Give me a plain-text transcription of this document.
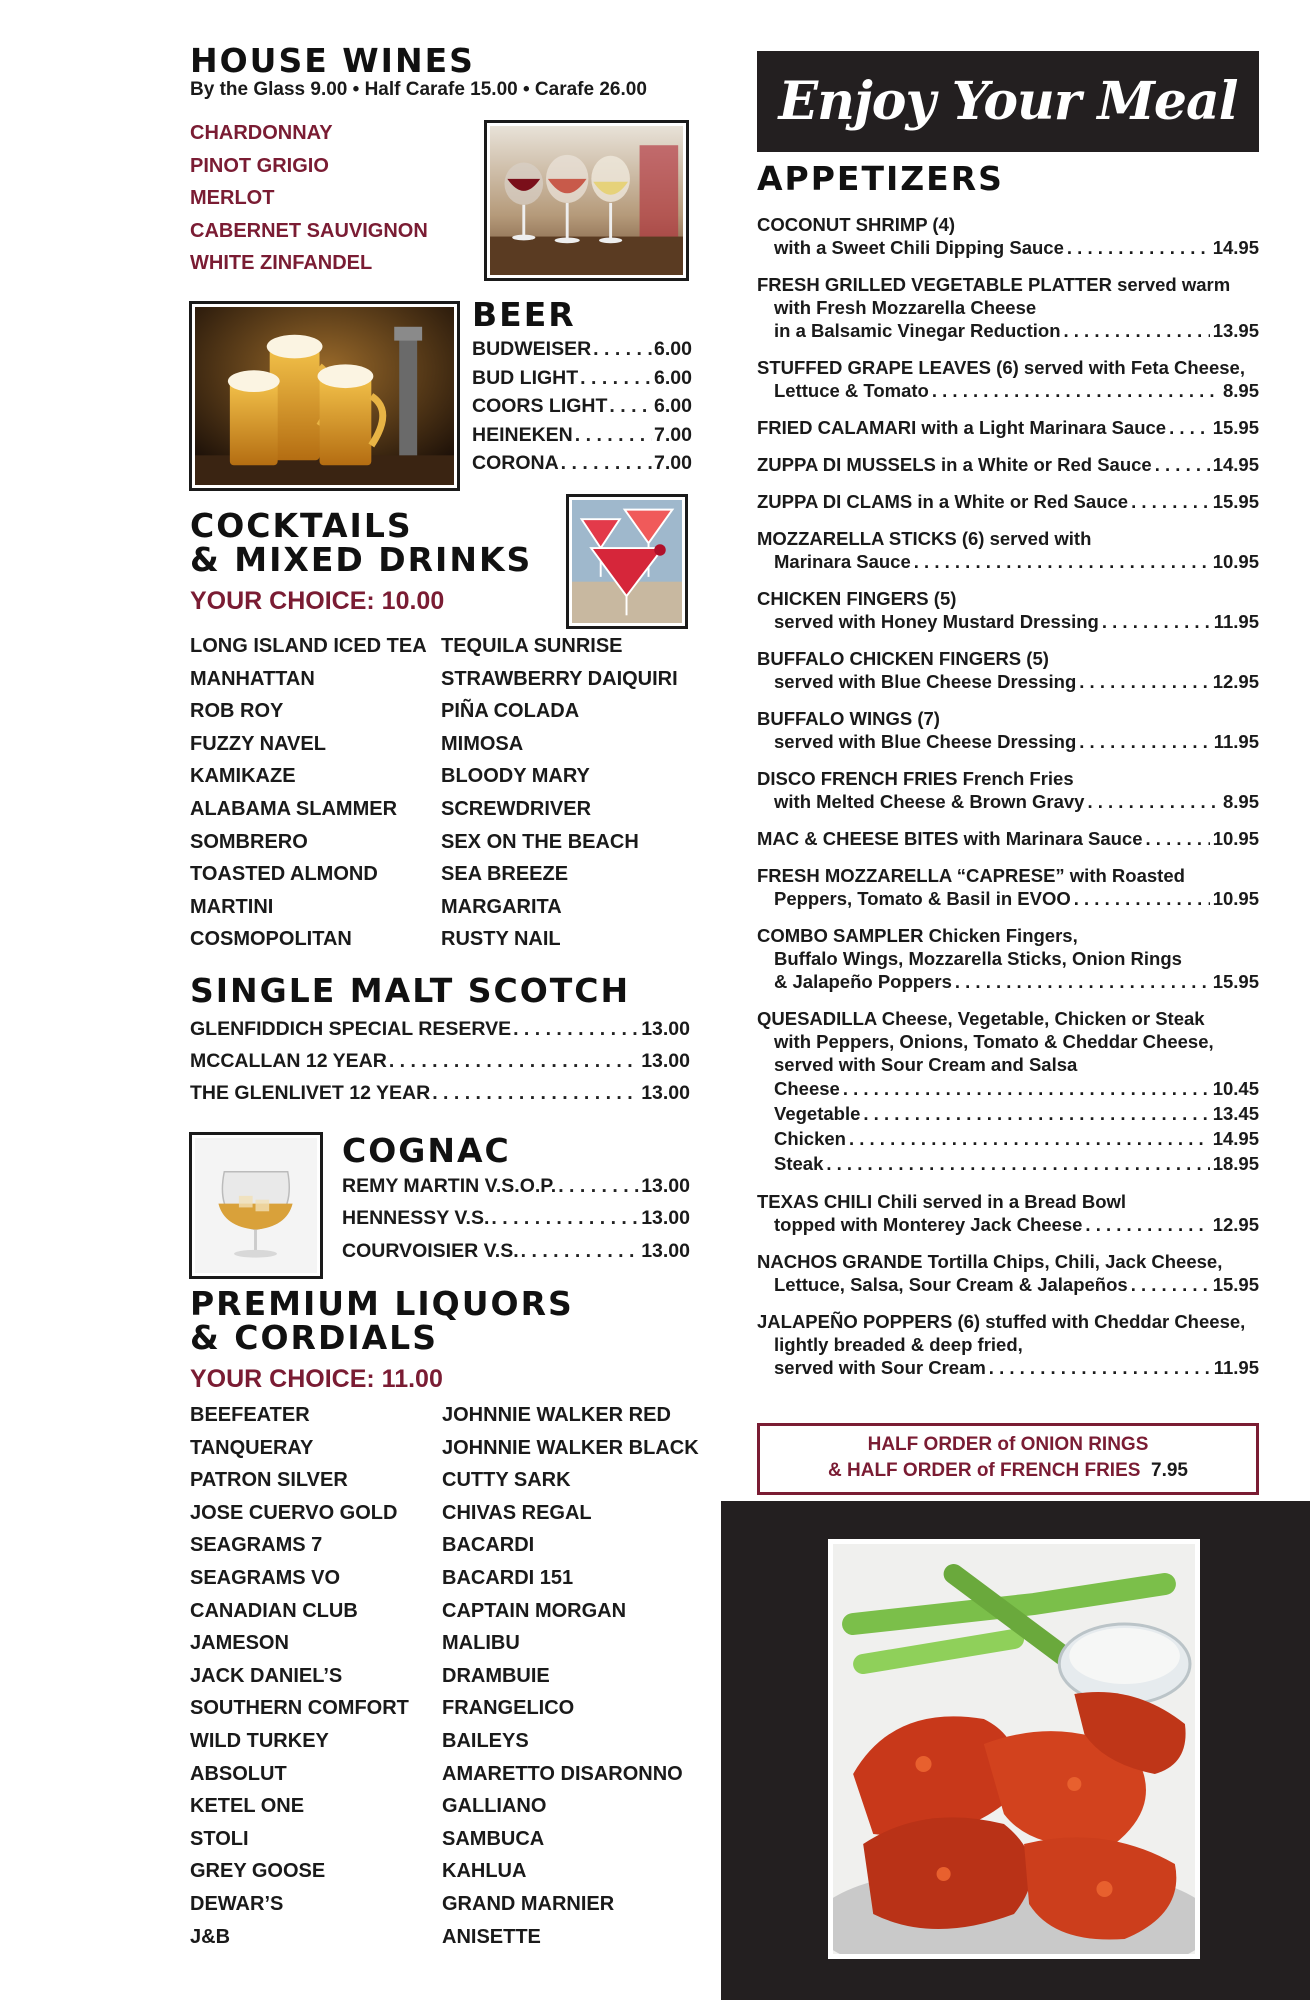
HOUSE WINES
By the Glass 9.00 • Half Carafe 15.00 • Carafe 26.00
CHARDONNAY
PINOT GRIGIO
MERLOT
CABERNET SAUVIGNON
WHITE ZINFANDEL
BEER
BUDWEISER . . .	6.00
BUD LIGHT . . .	6.00
COORS LIGHT . . . 6.00
HEINEKEN . . .	7.00
CORONA . . .	7.00
COCKTAILS
& MIXED DRINKS
YOUR CHOICE: 10.00
LONG ISLAND ICED TEA
MANHATTAN
ROB ROY
FUZZY NAVEL
KAMIKAZE
ALABAMA SLAMMER
SOMBRERO
TOASTED ALMOND
MARTINI
COSMOPOLITAN
TEQUILA SUNRISE
STRAWBERRY DAIQUIRI
PIÑA COLADA
MIMOSA
BLOODY MARY
SCREWDRIVER
SEX ON THE BEACH
SEA BREEZE
MARGARITA
RUSTY NAIL
SINGLE MALT SCOTCH
GLENFIDDICH SPECIAL RESERVE . . .	13.00
MCCALLAN 12 YEAR . . .	13.00
THE GLENLIVET 12 YEAR . . .	13.00
COGNAC
REMY MARTIN V.S.O.P. . . .	13.00
HENNESSY V.S. . . .	13.00
COURVOISIER V.S. . . .	13.00
PREMIUM LIQUORS
& CORDIALS
YOUR CHOICE: 11.00
BEEFEATER
TANQUERAY
PATRON SILVER
JOSE CUERVO GOLD
SEAGRAMS 7
SEAGRAMS VO
CANADIAN CLUB
JAMESON
JACK DANIEL’S
SOUTHERN COMFORT
WILD TURKEY
ABSOLUT
KETEL ONE
STOLI
GREY GOOSE
DEWAR’S
J&B
JOHNNIE WALKER RED
JOHNNIE WALKER BLACK
CUTTY SARK
CHIVAS REGAL
BACARDI
BACARDI 151
CAPTAIN MORGAN
MALIBU
DRAMBUIE
FRANGELICO
BAILEYS
AMARETTO DISARONNO
GALLIANO
SAMBUCA
KAHLUA
GRAND MARNIER
ANISETTE
Enjoy Your Meal
APPETIZERS
COCONUT SHRIMP (4)
with a Sweet Chili Dipping Sauce . . .	14.95
FRESH GRILLED VEGETABLE PLATTER served warm
with Fresh Mozzarella Cheese
in a Balsamic Vinegar Reduction . . .	13.95
STUFFED GRAPE LEAVES (6) served with Feta Cheese,
Lettuce & Tomato . . .	8.95
FRIED CALAMARI with a Light Marinara Sauce . . .	15.95
ZUPPA DI MUSSELS in a White or Red Sauce . . .	14.95
ZUPPA DI CLAMS in a White or Red Sauce . . .	15.95
MOZZARELLA STICKS (6) served with
Marinara Sauce . . .	10.95
CHICKEN FINGERS (5)
served with Honey Mustard Dressing . . .	11.95
BUFFALO CHICKEN FINGERS (5)
served with Blue Cheese Dressing . . .	12.95
BUFFALO WINGS (7)
served with Blue Cheese Dressing . . .	11.95
DISCO FRENCH FRIES French Fries
with Melted Cheese & Brown Gravy . . .	8.95
MAC & CHEESE BITES with Marinara Sauce . . .	10.95
FRESH MOZZARELLA “CAPRESE” with Roasted
Peppers, Tomato & Basil in EVOO . . .	10.95
COMBO SAMPLER Chicken Fingers,
Buffalo Wings, Mozzarella Sticks, Onion Rings
& Jalapeño Poppers . . .	15.95
QUESADILLA Cheese, Vegetable, Chicken or Steak
with Peppers, Onions, Tomato & Cheddar Cheese,
served with Sour Cream and Salsa
Cheese . . .	10.45
Vegetable . . .	13.45
Chicken . . .	14.95
Steak . . .	18.95
TEXAS CHILI Chili served in a Bread Bowl
topped with Monterey Jack Cheese . . .	12.95
NACHOS GRANDE Tortilla Chips, Chili, Jack Cheese,
Lettuce, Salsa, Sour Cream & Jalapeños . . .	15.95
JALAPEÑO POPPERS (6) stuffed with Cheddar Cheese,
lightly breaded & deep fried,
served with Sour Cream . . .	11.95
HALF ORDER of ONION RINGS
& HALF ORDER of FRENCH FRIES 7.95
